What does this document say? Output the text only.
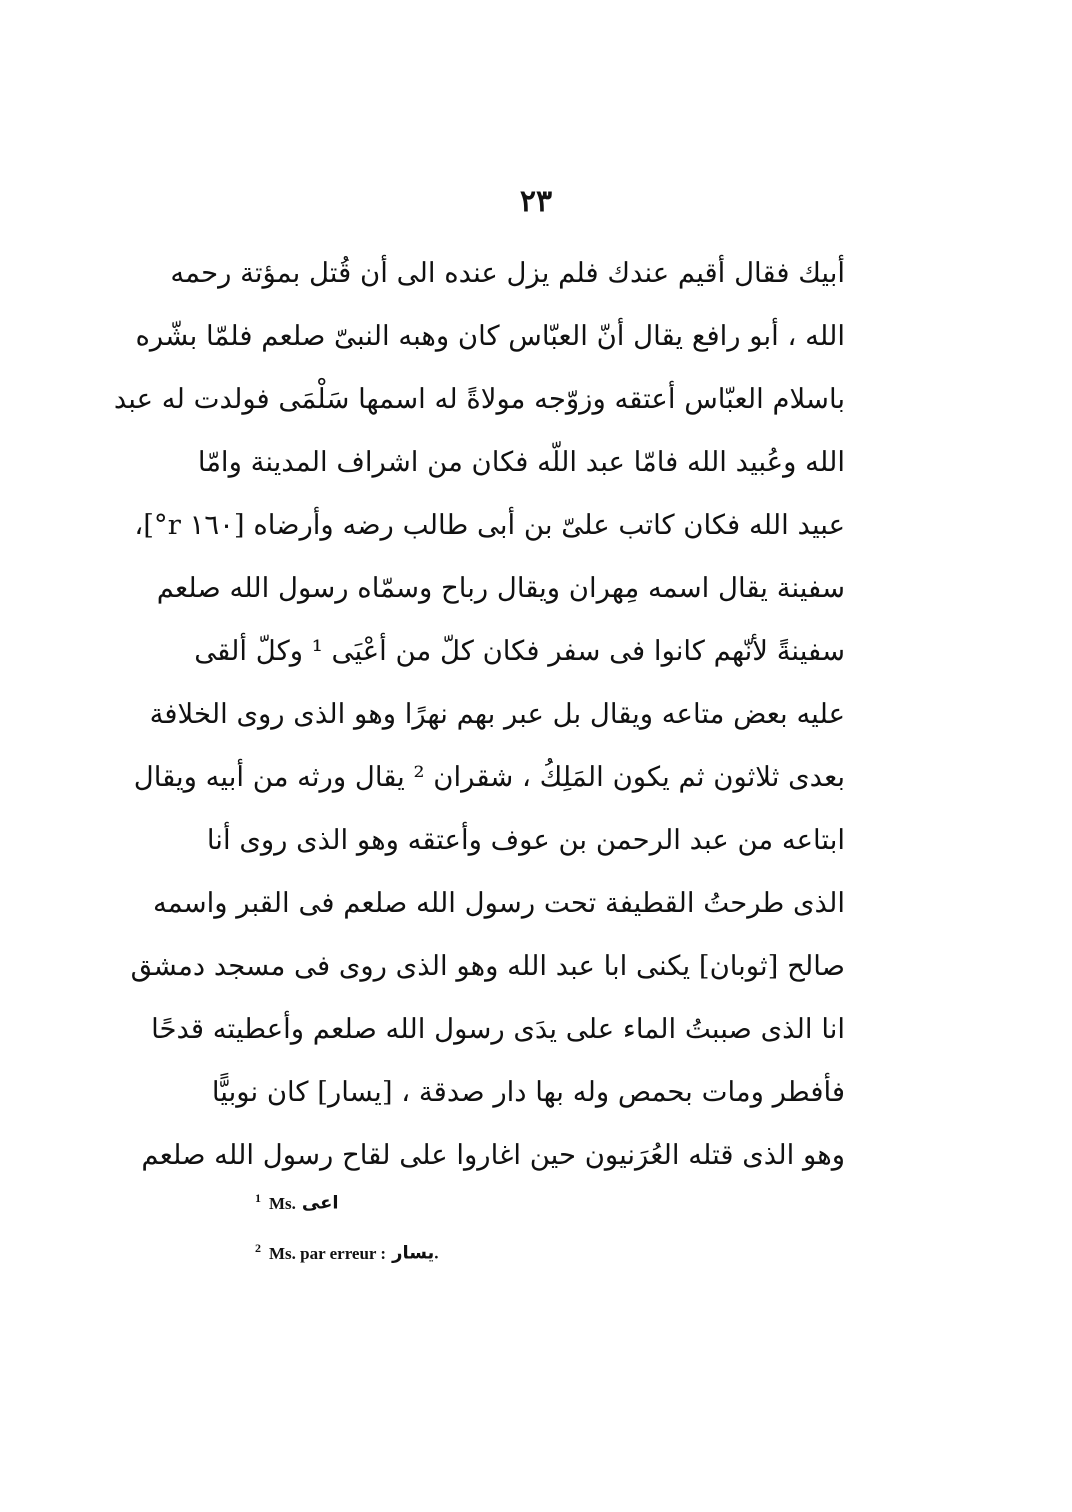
٢٣
أبيك فقال أقيم عندك فلم يزل عنده الى أن قُتل بمؤتة رحمه
الله ، أبو رافع يقال أنّ العبّاس كان وهبه النبىّ صلعم فلمّا بشّره
باسلام العبّاس أعتقه وزوّجه مولاةً له اسمها سَلْمَى فولدت له عبد
الله وعُبيد الله فامّا عبد اللّه فكان من اشراف المدينة وامّا
عبيد الله فكان كاتب علىّ بن أبى طالب رضه وأرضاه [١٦٠ r°]،
سفينة يقال اسمه مِهران ويقال رباح وسمّاه رسول الله صلعم
سفينةً لأنّهم كانوا فى سفر فكان كلّ من أعْيَى ¹ وكلّ ألقى
عليه بعض متاعه ويقال بل عبر بهم نهرًا وهو الذى روى الخلافة
بعدى ثلاثون ثم يكون المَلِكُ ، شقران ² يقال ورثه من أبيه ويقال
ابتاعه من عبد الرحمن بن عوف وأعتقه وهو الذى روى أنا
الذى طرحتُ القطيفة تحت رسول الله صلعم فى القبر واسمه
صالح [ثوبان] يكنى ابا عبد الله وهو الذى روى فى مسجد دمشق
انا الذى صببتُ الماء على يدَى رسول الله صلعم وأعطيته قدحًا
فأفطر ومات بحمص وله بها دار صدقة ، [يسار] كان نوبيًّا
وهو الذى قتله العُرَنيون حين اغاروا على لقاح رسول الله صلعم
$^1$ Ms. اعى
$^2$ Ms. par erreur : يسار.
